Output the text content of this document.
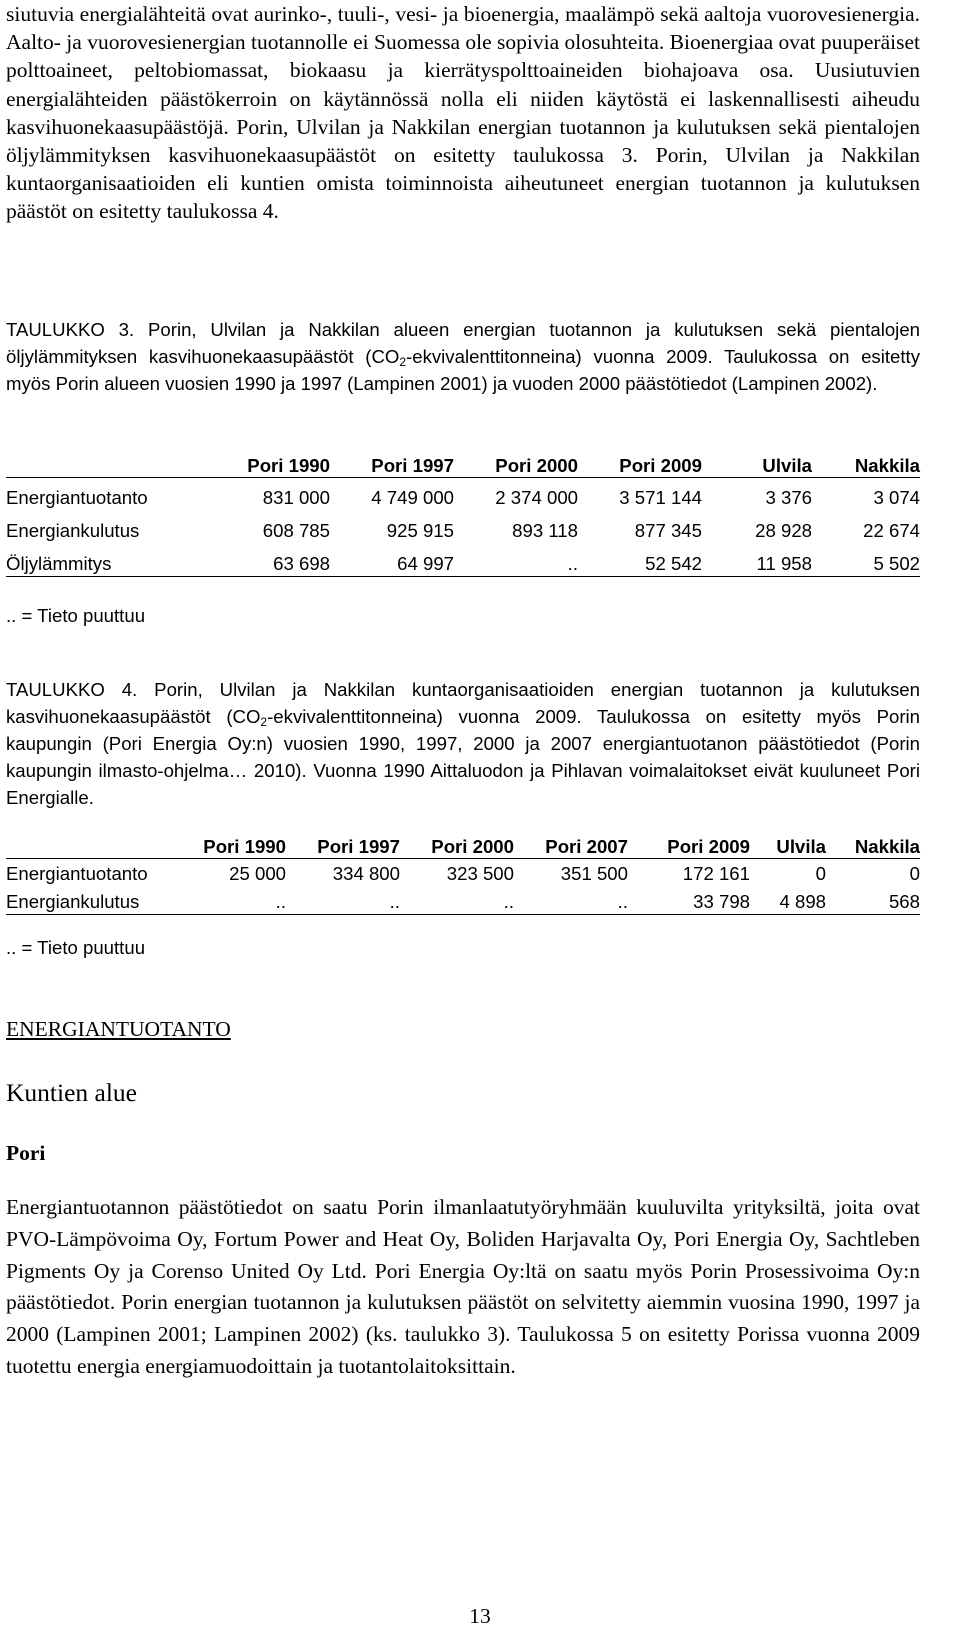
siutuvia energialähteitä ovat aurinko-, tuuli-, vesi- ja bioenergia, maalämpö sekä aaltoja vuorovesienergia. Aalto- ja vuorovesienergian tuotannolle ei Suomessa ole sopivia olosuhteita. Bioenergiaa ovat puuperäiset polttoaineet, peltobiomassat, biokaasu ja kierrätyspolttoaineiden biohajoava osa. Uusiutuvien energialähteiden päästökerroin on käytännössä nolla eli niiden käytöstä ei laskennallisesti aiheudu kasvihuonekaasupäästöjä. Porin, Ulvilan ja Nakkilan energian tuotannon ja kulutuksen sekä pientalojen öljylämmityksen kasvihuonekaasupäästöt on esitetty taulukossa 3. Porin, Ulvilan ja Nakkilan kuntaorganisaatioiden eli kuntien omista toiminnoista aiheutuneet energian tuotannon ja kulutuksen päästöt on esitetty taulukossa 4.

TAULUKKO 3. Porin, Ulvilan ja Nakkilan alueen energian tuotannon ja kulutuksen sekä pientalojen öljylämmityksen kasvihuonekaasupäästöt $(CO_2-ekvivalenttitonneina)$ vuonna 2009. Taulukossa on esitetty myös Porin alueen vuosien 1990 ja 1997 (Lampinen 2001) ja vuoden 2000 päästötiedot (Lampinen 2002).

	Pori 1990	Pori 1997	Pori 2000	Pori 2009	Ulvila	Nakkila
Energiantuotanto	831 000	4 749 000	2 374 000	3 571 144	3 376	3 074
Energiankulutus	608 785	925 915	893 118	877 345	28 928	22 674
Öljylämmitys	63 698	64 997	..	52 542	11 958	5 502

.. = Tieto puuttuu

TAULUKKO 4. Porin, Ulvilan ja Nakkilan kuntaorganisaatioiden energian tuotannon ja kulutuksen kasvihuonekaasupäästöt $(CO_2-ekvivalenttitonneina)$ vuonna 2009. Taulukossa on esitetty myös Porin kaupungin (Pori Energia Oy:n) vuosien 1990, 1997, 2000 ja 2007 energiantuotanon päästötiedot (Porin kaupungin ilmasto-ohjelma… 2010). Vuonna 1990 Aittaluodon ja Pihlavan voimalaitokset eivät kuuluneet Pori Energialle.

	Pori 1990	Pori 1997	Pori 2000	Pori 2007	Pori 2009	Ulvila	Nakkila
Energiantuotanto	25 000	334 800	323 500	351 500	172 161	0	0
Energiankulutus	..	..	..	..	33 798	4 898	568

.. = Tieto puuttuu

ENERGIANTUOTANTO
Kuntien alue
Pori

Energiantuotannon päästötiedot on saatu Porin ilmanlaatutyöryhmään kuuluvilta yrityksiltä, joita ovat PVO-Lämpövoima Oy, Fortum Power and Heat Oy, Boliden Harjavalta Oy, Pori Energia Oy, Sachtleben Pigments Oy ja Corenso United Oy Ltd. Pori Energia Oy:ltä on saatu myös Porin Prosessivoima Oy:n päästötiedot. Porin energian tuotannon ja kulutuksen päästöt on selvitetty aiemmin vuosina 1990, 1997 ja 2000 (Lampinen 2001; Lampinen 2002) (ks. taulukko 3). Taulukossa 5 on esitetty Porissa vuonna 2009 tuotettu energia energiamuodoittain ja tuotantolaitoksittain.

13
